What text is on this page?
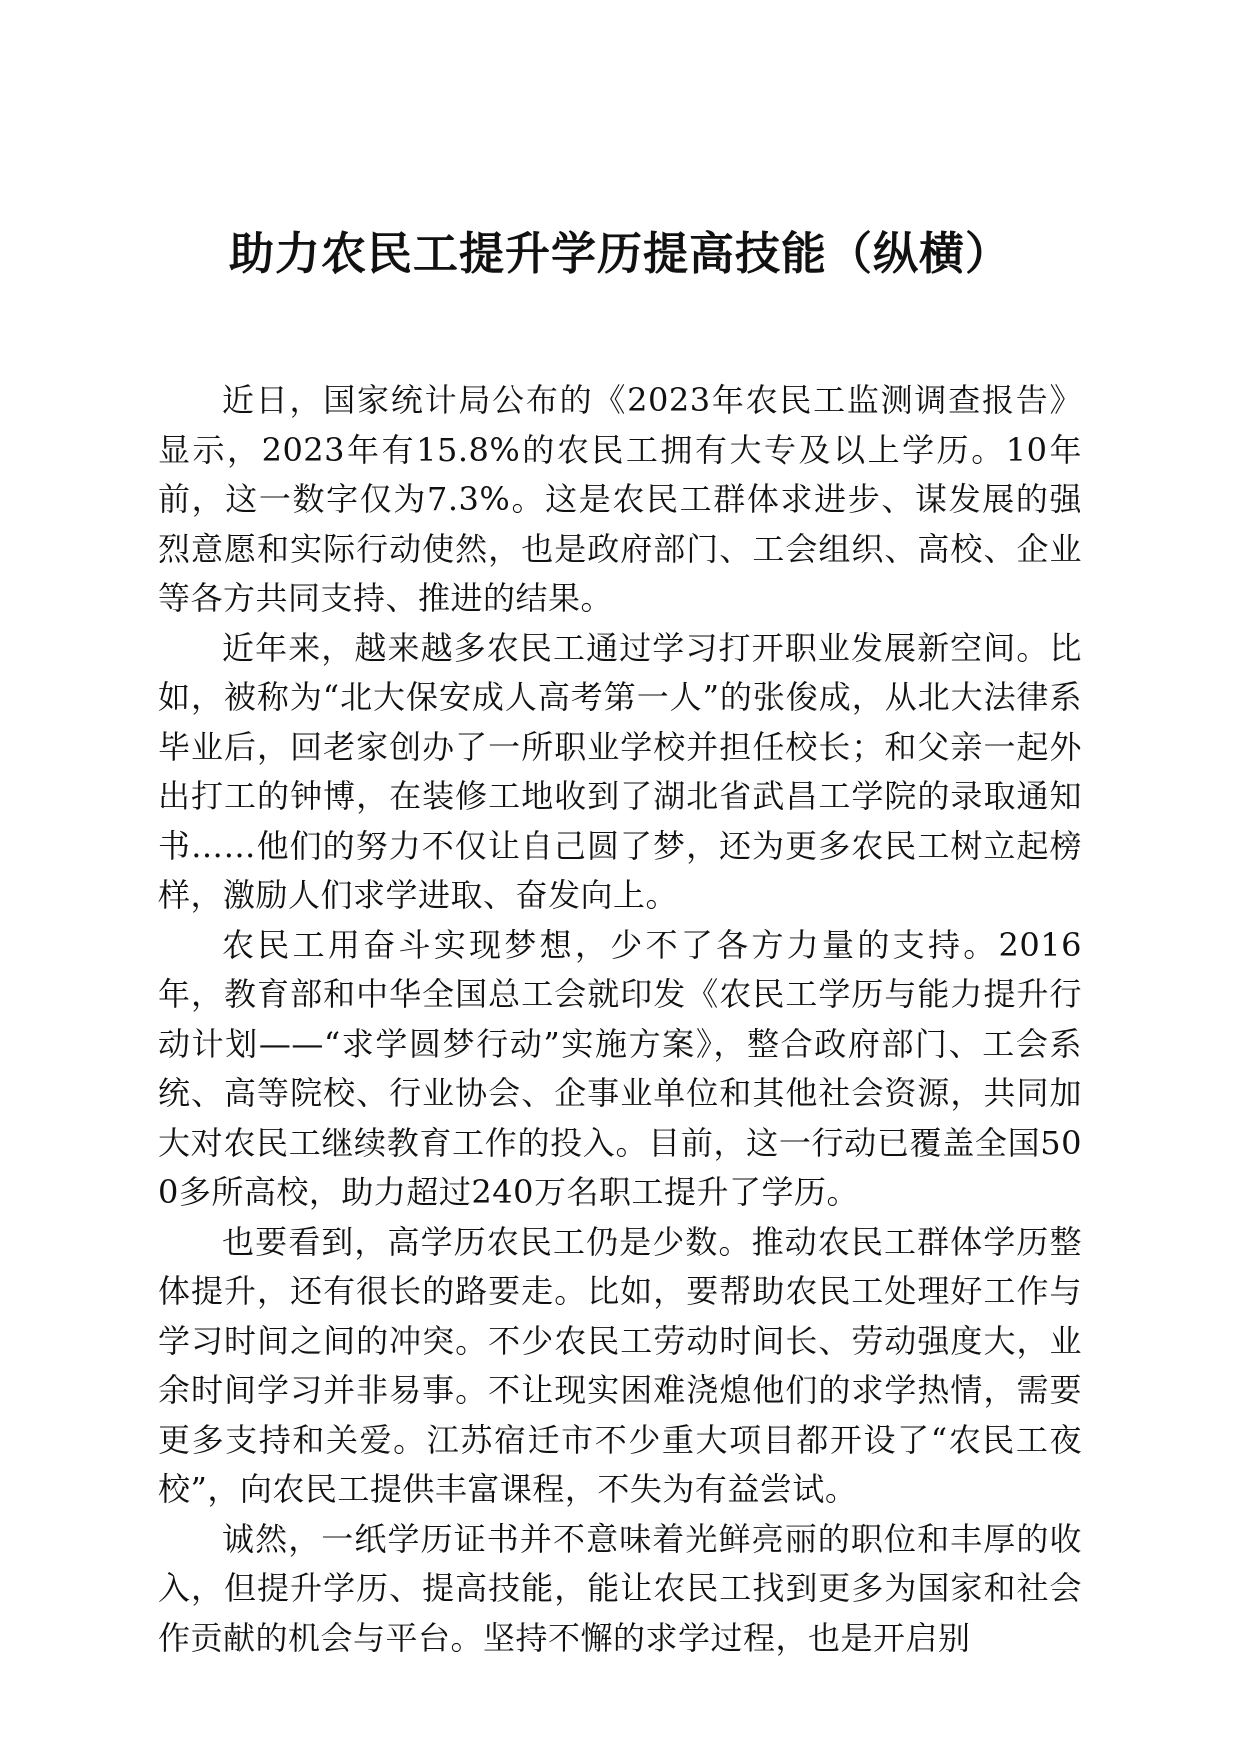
助力农民工提升学历提高技能（纵横）

近日，国家统计局公布的《2023年农民工监测调查报告》显示，2023年有15.8%的农民工拥有大专及以上学历。10年前，这一数字仅为7.3%。这是农民工群体求进步、谋发展的强烈意愿和实际行动使然，也是政府部门、工会组织、高校、企业等各方共同支持、推进的结果。

近年来，越来越多农民工通过学习打开职业发展新空间。比如，被称为“北大保安成人高考第一人”的张俊成，从北大法律系毕业后，回老家创办了一所职业学校并担任校长；和父亲一起外出打工的钟博，在装修工地收到了湖北省武昌工学院的录取通知书……他们的努力不仅让自己圆了梦，还为更多农民工树立起榜样，激励人们求学进取、奋发向上。

农民工用奋斗实现梦想，少不了各方力量的支持。2016年，教育部和中华全国总工会就印发《农民工学历与能力提升行动计划——“求学圆梦行动”实施方案》，整合政府部门、工会系统、高等院校、行业协会、企事业单位和其他社会资源，共同加大对农民工继续教育工作的投入。目前，这一行动已覆盖全国500多所高校，助力超过240万名职工提升了学历。

也要看到，高学历农民工仍是少数。推动农民工群体学历整体提升，还有很长的路要走。比如，要帮助农民工处理好工作与学习时间之间的冲突。不少农民工劳动时间长、劳动强度大，业余时间学习并非易事。不让现实困难浇熄他们的求学热情，需要更多支持和关爱。江苏宿迁市不少重大项目都开设了“农民工夜校”，向农民工提供丰富课程，不失为有益尝试。

诚然，一纸学历证书并不意味着光鲜亮丽的职位和丰厚的收入，但提升学历、提高技能，能让农民工找到更多为国家和社会作贡献的机会与平台。坚持不懈的求学过程，也是开启别
